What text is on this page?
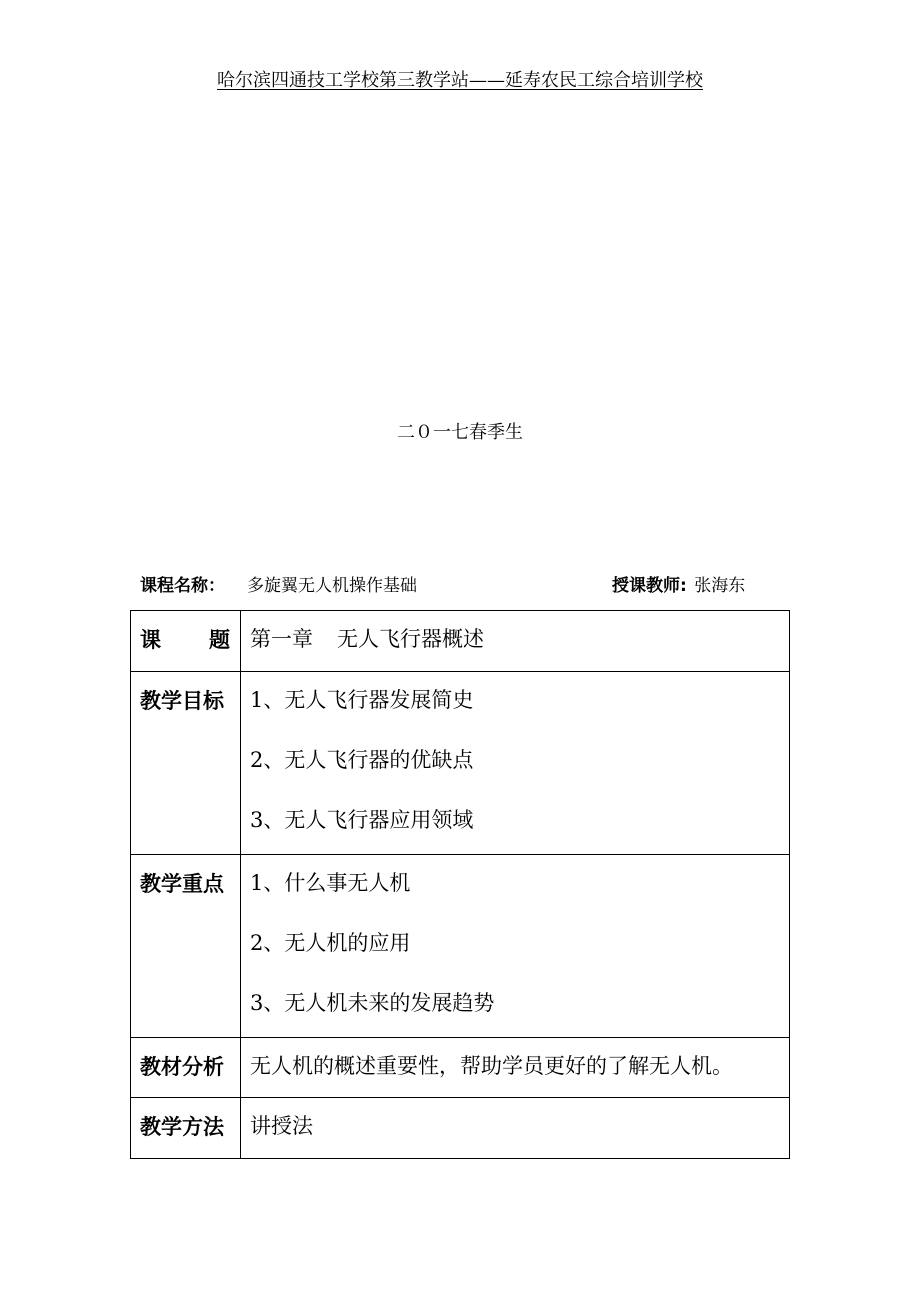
哈尔滨四通技工学校第三教学站——延寿农民工综合培训学校
二０一七春季生
课程名称： 多旋翼无人机操作基础	授课教师: 张海东
课 题	第一章 无人飞行器概述

教学目标	1、无人飞行器发展简史
2、无人飞行器的优缺点
3、无人飞行器应用领域

教学重点	1、什么事无人机
2、无人机的应用
3、无人机未来的发展趋势

教材分析	无人机的概述重要性，帮助学员更好的了解无人机。

教学方法	讲授法
